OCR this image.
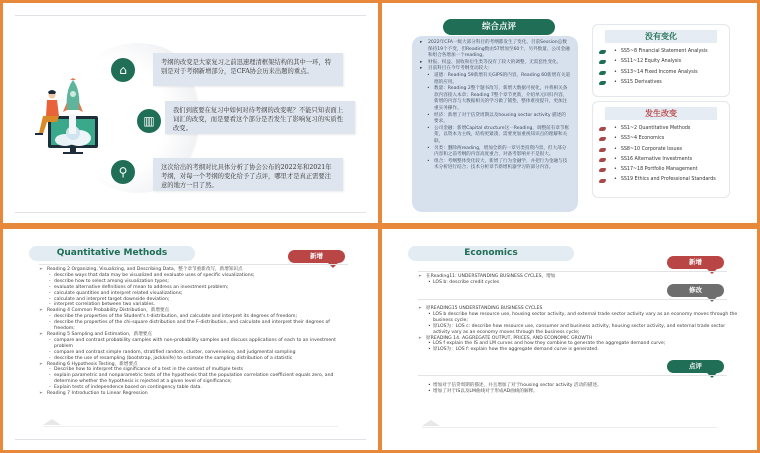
⌂
▥
⚲
考纲的改变是大家复习之前迅速理清框架结构的其中一环，特别是对于考纲新增部分，是CFA协会历来出题的重点。
我们到底要在复习中如何对待考纲的改变呢？不能只知表面上词汇的改变，而是要看这个部分是否发生了影响复习的实质性改变。
这次给出的考纲对比具体分析了协会公布的2022年和2021年考纲，对每一个考纲的变化给予了点评，哪里才是真正需要注意的地方一目了然。
综合点评
▸ 2022年CFA一级大部分科目的考纲都发生了变化。目前Session总数保持19个不变，但Reading数由57增加至60个，另外数量、公司金融和组合各增加一个reading。
▸ 财报、权益、固收和衍生类等没有了较大的调整，无需套性变化。
▸ 目前科目在今年考纲变动较大：
• 道德：Reading 59新增有关GIPS的内容，Reading 60新增有关道德的应用。
• 数量：Reading 2整个题书改写，新增大数据可视化，并将相关条款内容接入本章；Reading 7整个章节更新，介绍单元回归内容，新增的内容与大数据相关的学习做了铺垫，整体难度提升，更加注重实务操作。
• 经济：新增了对于信贷周期以及housing sector activity 描述的要求。
• 公司金融：新增Capital structure这一Reading，调整前有章节框架，以资本为主线，结构更紧凑，需要更加重视知识点的理解和关联。
• 另类：删除两reading，增加全新的一章另类投资内容，但大部分内容和之前考纲的内容高度重合，对备考影响并不是很大。
• 组合：考纲整体变化较大，新增了行为金融学，并把行为金融与技术分析进行结合；技术分析章节新增机器学习的部分内容。
没有变化
• SS5~8 Financial Statement Analysis
• SS11~12 Equity Analysis
• SS13~14 Fixed Income Analysis
• SS15 Derivatives
发生改变
• SS1~2 Quantitative Methods
• SS3~4 Economics
• SS8~10 Corporate Issues
• SS16 Alternative Investments
• SS17~18 Portfolio Management
• SS19 Ethics and Professional Standards
Quantitative Methods	新增
➢ Reading 2 Organizing, Visualizing, and Describing Data，整个章节重新改写，新增知识点
- describe ways that data may be visualized and evaluate uses of specific visualizations;
- describe how to select among visualization types;
- evaluate alternative definitions of mean to address an investment problem;
- calculate quantities and interpret related visualizations;
- calculate and interpret target downside deviation;
- interpret correlation between two variables.
➢ Reading 4 Common Probability Distribution，新增要点
- describe the properties of the Student's t-distribution, and calculate and interpret its degrees of freedom;
- describe the properties of the chi-square distribution and the F-distribution, and calculate and interpret their degrees of freedom;
➢ Reading 5 Sampling and Estimation，新增要点
- compare and contrast probability samples with non-probability samples and discuss applications of each to an investment problem
- compare and contrast simple random, stratified random, cluster, convenience, and judgmental sampling
- describe the use of resampling (bootstrap, jackknife) to estimate the sampling distribution of a statistic
➢ Reading 6 Hypothesis Testing，新增要点
- Describe how to interpret the significance of a test in the context of multiple tests
- explain parametric and nonparametric tests of the hypothesis that the population correlation coefficient equals zero, and determine whether the hypothesis is rejected at a given level of significance;
- Explain tests of independence based on contingency table data.
➢ Reading 7 Introduction to Linear Regression
Economics
新增
➢ 在Reading11: UNDERSTANDING BUSINESS CYCLES，增加
• LOS b: describe credit cycles
修改
➢ 原READING15 UNDERSTANDING BUSINESS CYCLES
• LOS b describe how resource use, housing sector activity, and external trade sector activity vary as an economy moves through the business cycle;
• 原LOS为：LOS c: describe how resource use, consumer and business activity, housing sector activity, and external trade sector activity vary as an economy moves through the business cycle;
➢ 原READING 14. AGGREGATE OUTPUT, PRICES, AND ECONOMIC GROWTH
• LOS f explain the IS and LM curves and how they combine to generate the aggregate demand curve;
• 原LOS为：LOS f: explain how the aggregate demand curve is generated.
点评
• 增加对于信贷周期的描述，并且增加了对于housing sector activity 活动的描述。
• 增加了对于IS以及LM曲线对于形成AD曲线的解释。
